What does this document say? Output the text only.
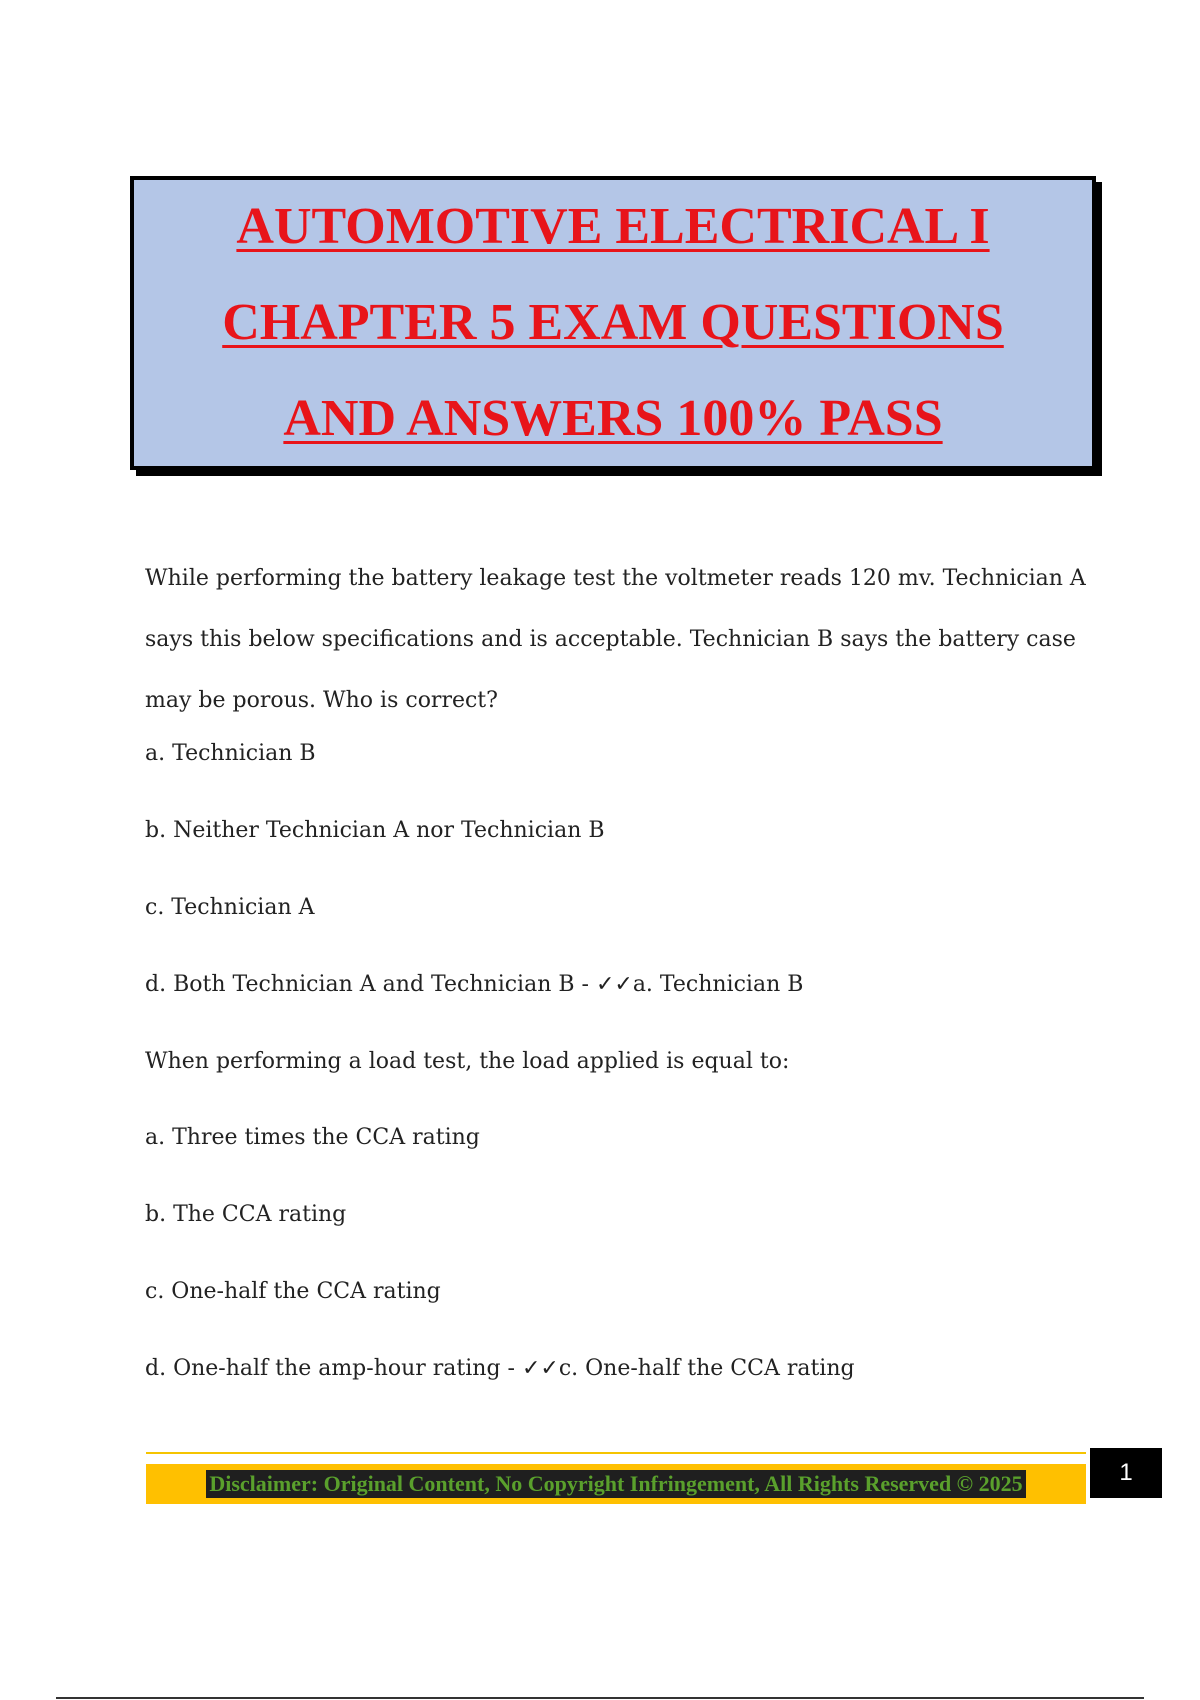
AUTOMOTIVE ELECTRICAL I
CHAPTER 5 EXAM QUESTIONS
AND ANSWERS 100% PASS
While performing the battery leakage test the voltmeter reads 120 mv. Technician A says this below specifications and is acceptable. Technician B says the battery case may be porous. Who is correct?
a. Technician B
b. Neither Technician A nor Technician B
c. Technician A
d. Both Technician A and Technician B - ✓✓a. Technician B
When performing a load test, the load applied is equal to:
a. Three times the CCA rating
b. The CCA rating
c. One-half the CCA rating
d. One-half the amp-hour rating - ✓✓c. One-half the CCA rating
Disclaimer: Original Content, No Copyright Infringement, All Rights Reserved © 2025	1
